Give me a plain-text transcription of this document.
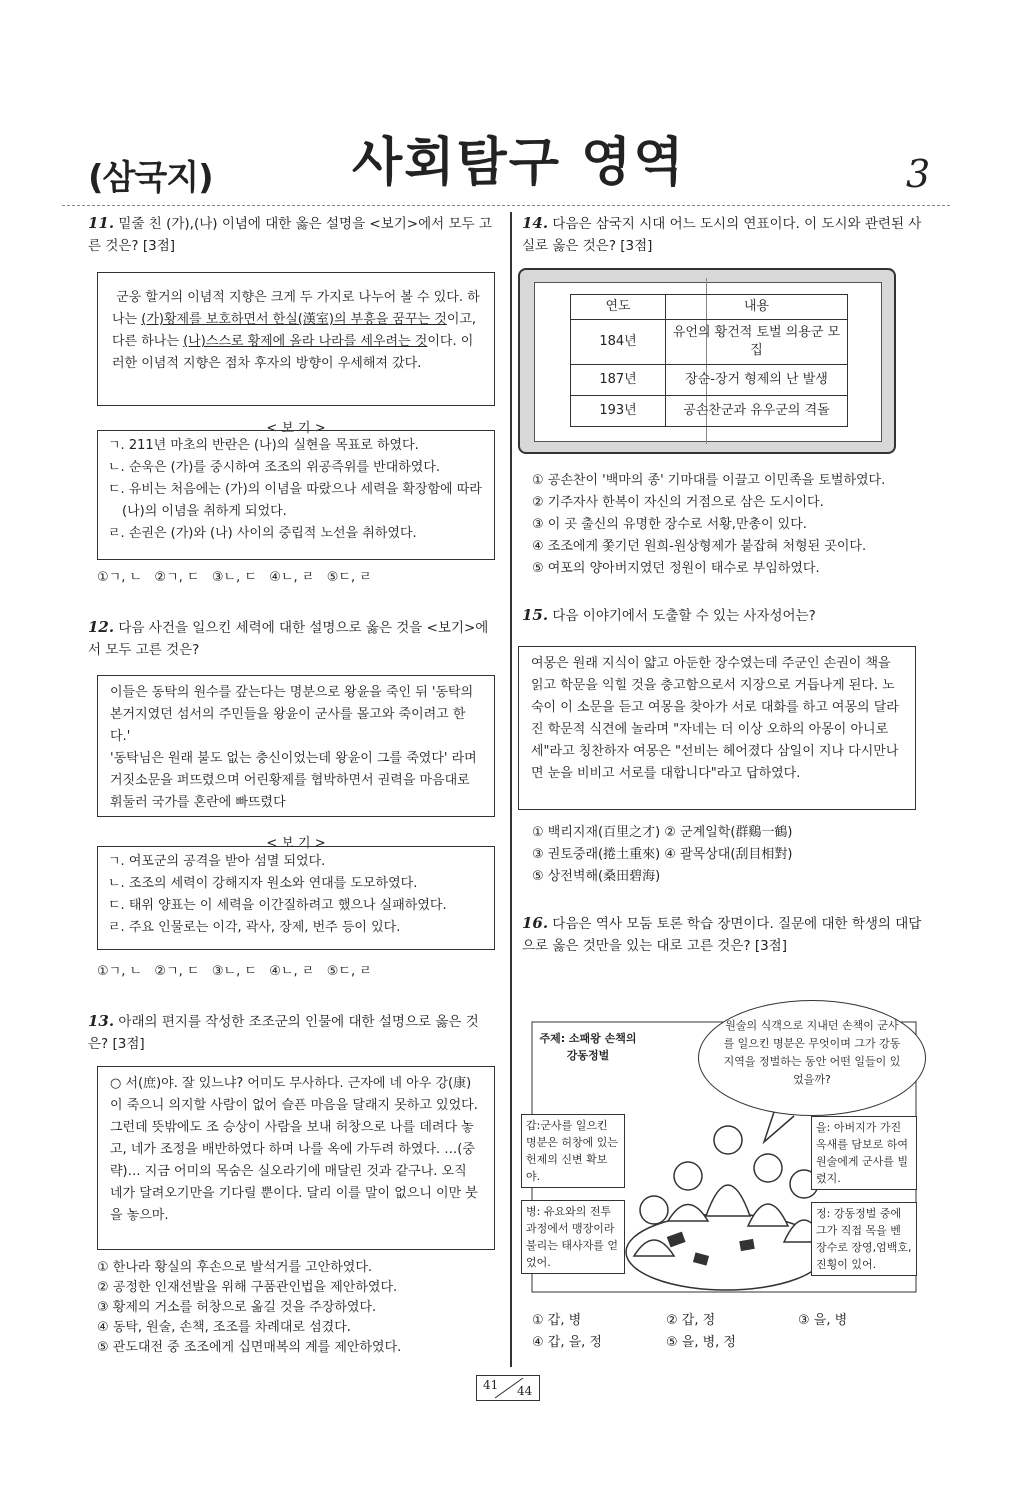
(삼국지)	사회탐구 영역	3
11. 밑줄 친 (가),(나) 이념에 대한 옳은 설명을 <보기>에서 모두 고른 것은? [3점]

군웅 할거의 이념적 지향은 크게 두 가지로 나누어 볼 수 있다. 하나는 (가)황제를 보호하면서 한실(漢室)의 부흥을 꿈꾸는 것이고, 다른 하나는 (나)스스로 황제에 올라 나라를 세우려는 것이다. 이러한 이념적 지향은 점차 후자의 방향이 우세해져 갔다.

< 보 기 >
ㄱ. 211년 마초의 반란은 (나)의 실현을 목표로 하였다.
ㄴ. 순욱은 (가)를 중시하여 조조의 위공즉위를 반대하였다.
ㄷ. 유비는 처음에는 (가)의 이념을 따랐으나 세력을 확장함에 따라 (나)의 이념을 취하게 되었다.
ㄹ. 손권은 (가)와 (나) 사이의 중립적 노선을 취하였다.
①ㄱ, ㄴ   ②ㄱ, ㄷ   ③ㄴ, ㄷ   ④ㄴ, ㄹ   ⑤ㄷ, ㄹ
12. 다음 사건을 일으킨 세력에 대한 설명으로 옳은 것을 <보기>에서 모두 고른 것은?

이들은 동탁의 원수를 갚는다는 명분으로 왕윤을 죽인 뒤 '동탁의 본거지였던 섬서의 주민들을 왕윤이 군사를 몰고와 죽이려고 한다.'

'동탁님은 원래 불도 없는 충신이었는데 왕윤이 그를 죽였다' 라며 거짓소문을 퍼뜨렸으며 어린황제를 협박하면서 권력을 마음대로 휘둘러 국가를 혼란에 빠뜨렸다

< 보 기 >
ㄱ. 여포군의 공격을 받아 섬멸 되었다.
ㄴ. 조조의 세력이 강해지자 원소와 연대를 도모하였다.
ㄷ. 태위 양표는 이 세력을 이간질하려고 했으나 실패하였다.
ㄹ. 주요 인물로는 이각, 곽사, 장제, 번주 등이 있다.
①ㄱ, ㄴ   ②ㄱ, ㄷ   ③ㄴ, ㄷ   ④ㄴ, ㄹ   ⑤ㄷ, ㄹ
13. 아래의 편지를 작성한 조조군의 인물에 대한 설명으로 옳은 것은? [3점]

○ 서(庶)야. 잘 있느냐? 어미도 무사하다. 근자에 네 아우 강(康)이 죽으니 의지할 사람이 없어 슬픈 마음을 달래지 못하고 있었다. 그런데 뜻밖에도 조 승상이 사람을 보내 허창으로 나를 데려다 놓고, 네가 조정을 배반하였다 하며 나를 옥에 가두려 하였다. …(중략)… 지금 어미의 목숨은 실오라기에 매달린 것과 같구나. 오직 네가 달려오기만을 기다릴 뿐이다. 달리 이를 말이 없으니 이만 붓을 놓으마.

① 한나라 황실의 후손으로 발석거를 고안하였다.
② 공정한 인재선발을 위해 구품관인법을 제안하였다.
③ 황제의 거소를 허창으로 옮길 것을 주장하였다.
④ 동탁, 원술, 손책, 조조를 차례대로 섬겼다.
⑤ 관도대전 중 조조에게 십면매복의 계를 제안하였다.
14. 다음은 삼국지 시대 어느 도시의 연표이다. 이 도시와 관련된 사실로 옳은 것은? [3점]
연도	내용
184년	유언의 황건적 토벌 의용군 모집
187년	장순-장거 형제의 난 발생
193년	공손찬군과 유우군의 격돌
① 공손찬이 '백마의 종' 기마대를 이끌고 이민족을 토벌하였다.
② 기주자사 한복이 자신의 거점으로 삼은 도시이다.
③ 이 곳 출신의 유명한 장수로 서황,만총이 있다.
④ 조조에게 쫓기던 원희-원상형제가 붙잡혀 처형된 곳이다.
⑤ 여포의 양아버지였던 정원이 태수로 부임하였다.
15. 다음 이야기에서 도출할 수 있는 사자성어는?

여몽은 원래 지식이 얇고 아둔한 장수였는데 주군인 손권이 책을 읽고 학문을 익힐 것을 충고함으로서 지장으로 거듭나게 된다. 노숙이 이 소문을 듣고 여몽을 찾아가 서로 대화를 하고 여몽의 달라진 학문적 식견에 놀라며 "자네는 더 이상 오하의 아몽이 아니로세"라고 칭찬하자 여몽은 "선비는 헤어졌다 삼일이 지나 다시만나면 눈을 비비고 서로를 대합니다"라고 답하였다.

① 백리지재(百里之才) ② 군계일학(群鷄一鶴)
③ 권토중래(捲土重來) ④ 괄목상대(刮目相對)
⑤ 상전벽해(桑田碧海)
16. 다음은 역사 모둠 토론 학습 장면이다. 질문에 대한 학생의 대답으로 옳은 것만을 있는 대로 고른 것은? [3점]
주제: 소패왕 손책의 강동정벌
원술의 식객으로 지내던 손책이 군사를 일으킨 명분은 무엇이며 그가 강동 지역을 정벌하는 동안 어떤 일들이 있었을까?
갑:군사를 일으킨 명분은 허창에 있는 헌제의 신변 확보야.
을: 아버지가 가진 옥새를 담보로 하여 원술에게 군사를 빌렸지.
병: 유요와의 전투 과정에서 맹장이라 불리는 태사자를 얻었어.
정: 강동정벌 중에 그가 직접 목을 벤 장수로 장영,엄백호,진횡이 있어.
① 갑, 병	② 갑, 정	③ 을, 병
④ 갑, 을, 정	⑤ 을, 병, 정
41 44
